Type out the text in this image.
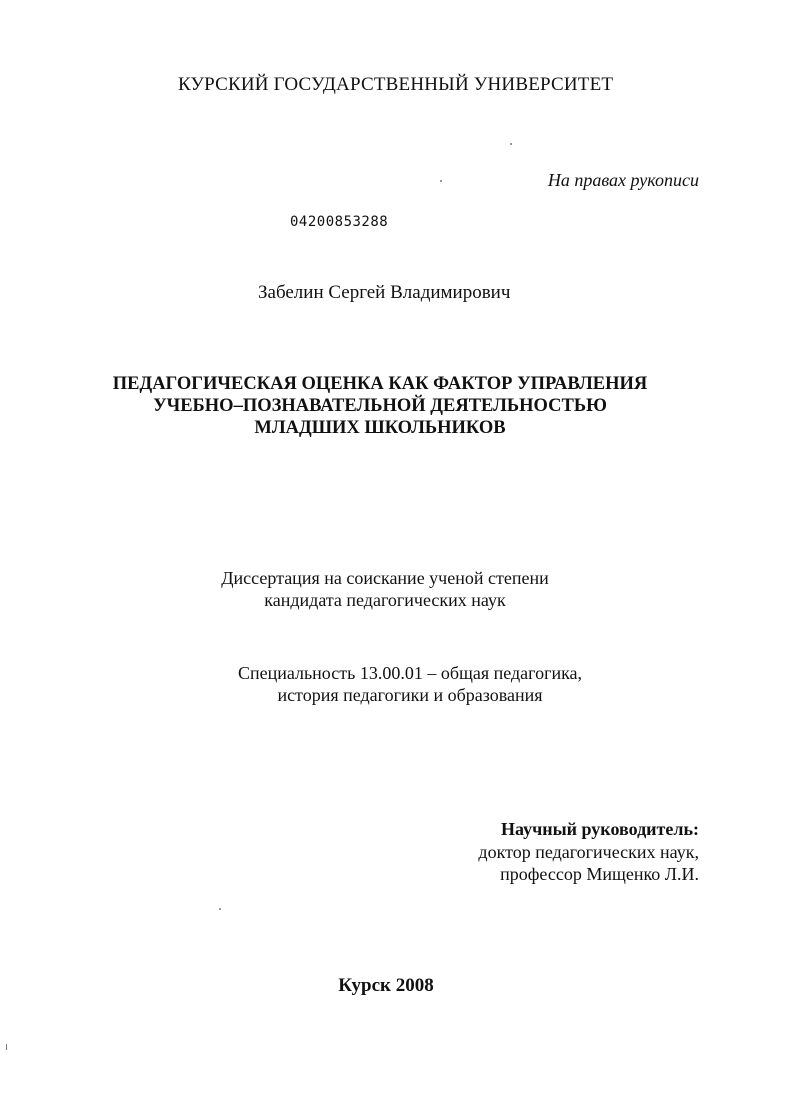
КУРСКИЙ ГОСУДАРСТВЕННЫЙ УНИВЕРСИТЕТ
На правах рукописи
04200853288
Забелин Сергей Владимирович
ПЕДАГОГИЧЕСКАЯ ОЦЕНКА КАК ФАКТОР УПРАВЛЕНИЯ
УЧЕБНО–ПОЗНАВАТЕЛЬНОЙ ДЕЯТЕЛЬНОСТЬЮ
МЛАДШИХ ШКОЛЬНИКОВ
Диссертация на соискание ученой степени
кандидата педагогических наук
Специальность 13.00.01 – общая педагогика,
история педагогики и образования
Научный руководитель:
доктор педагогических наук,
профессор Мищенко Л.И.
Курск 2008
